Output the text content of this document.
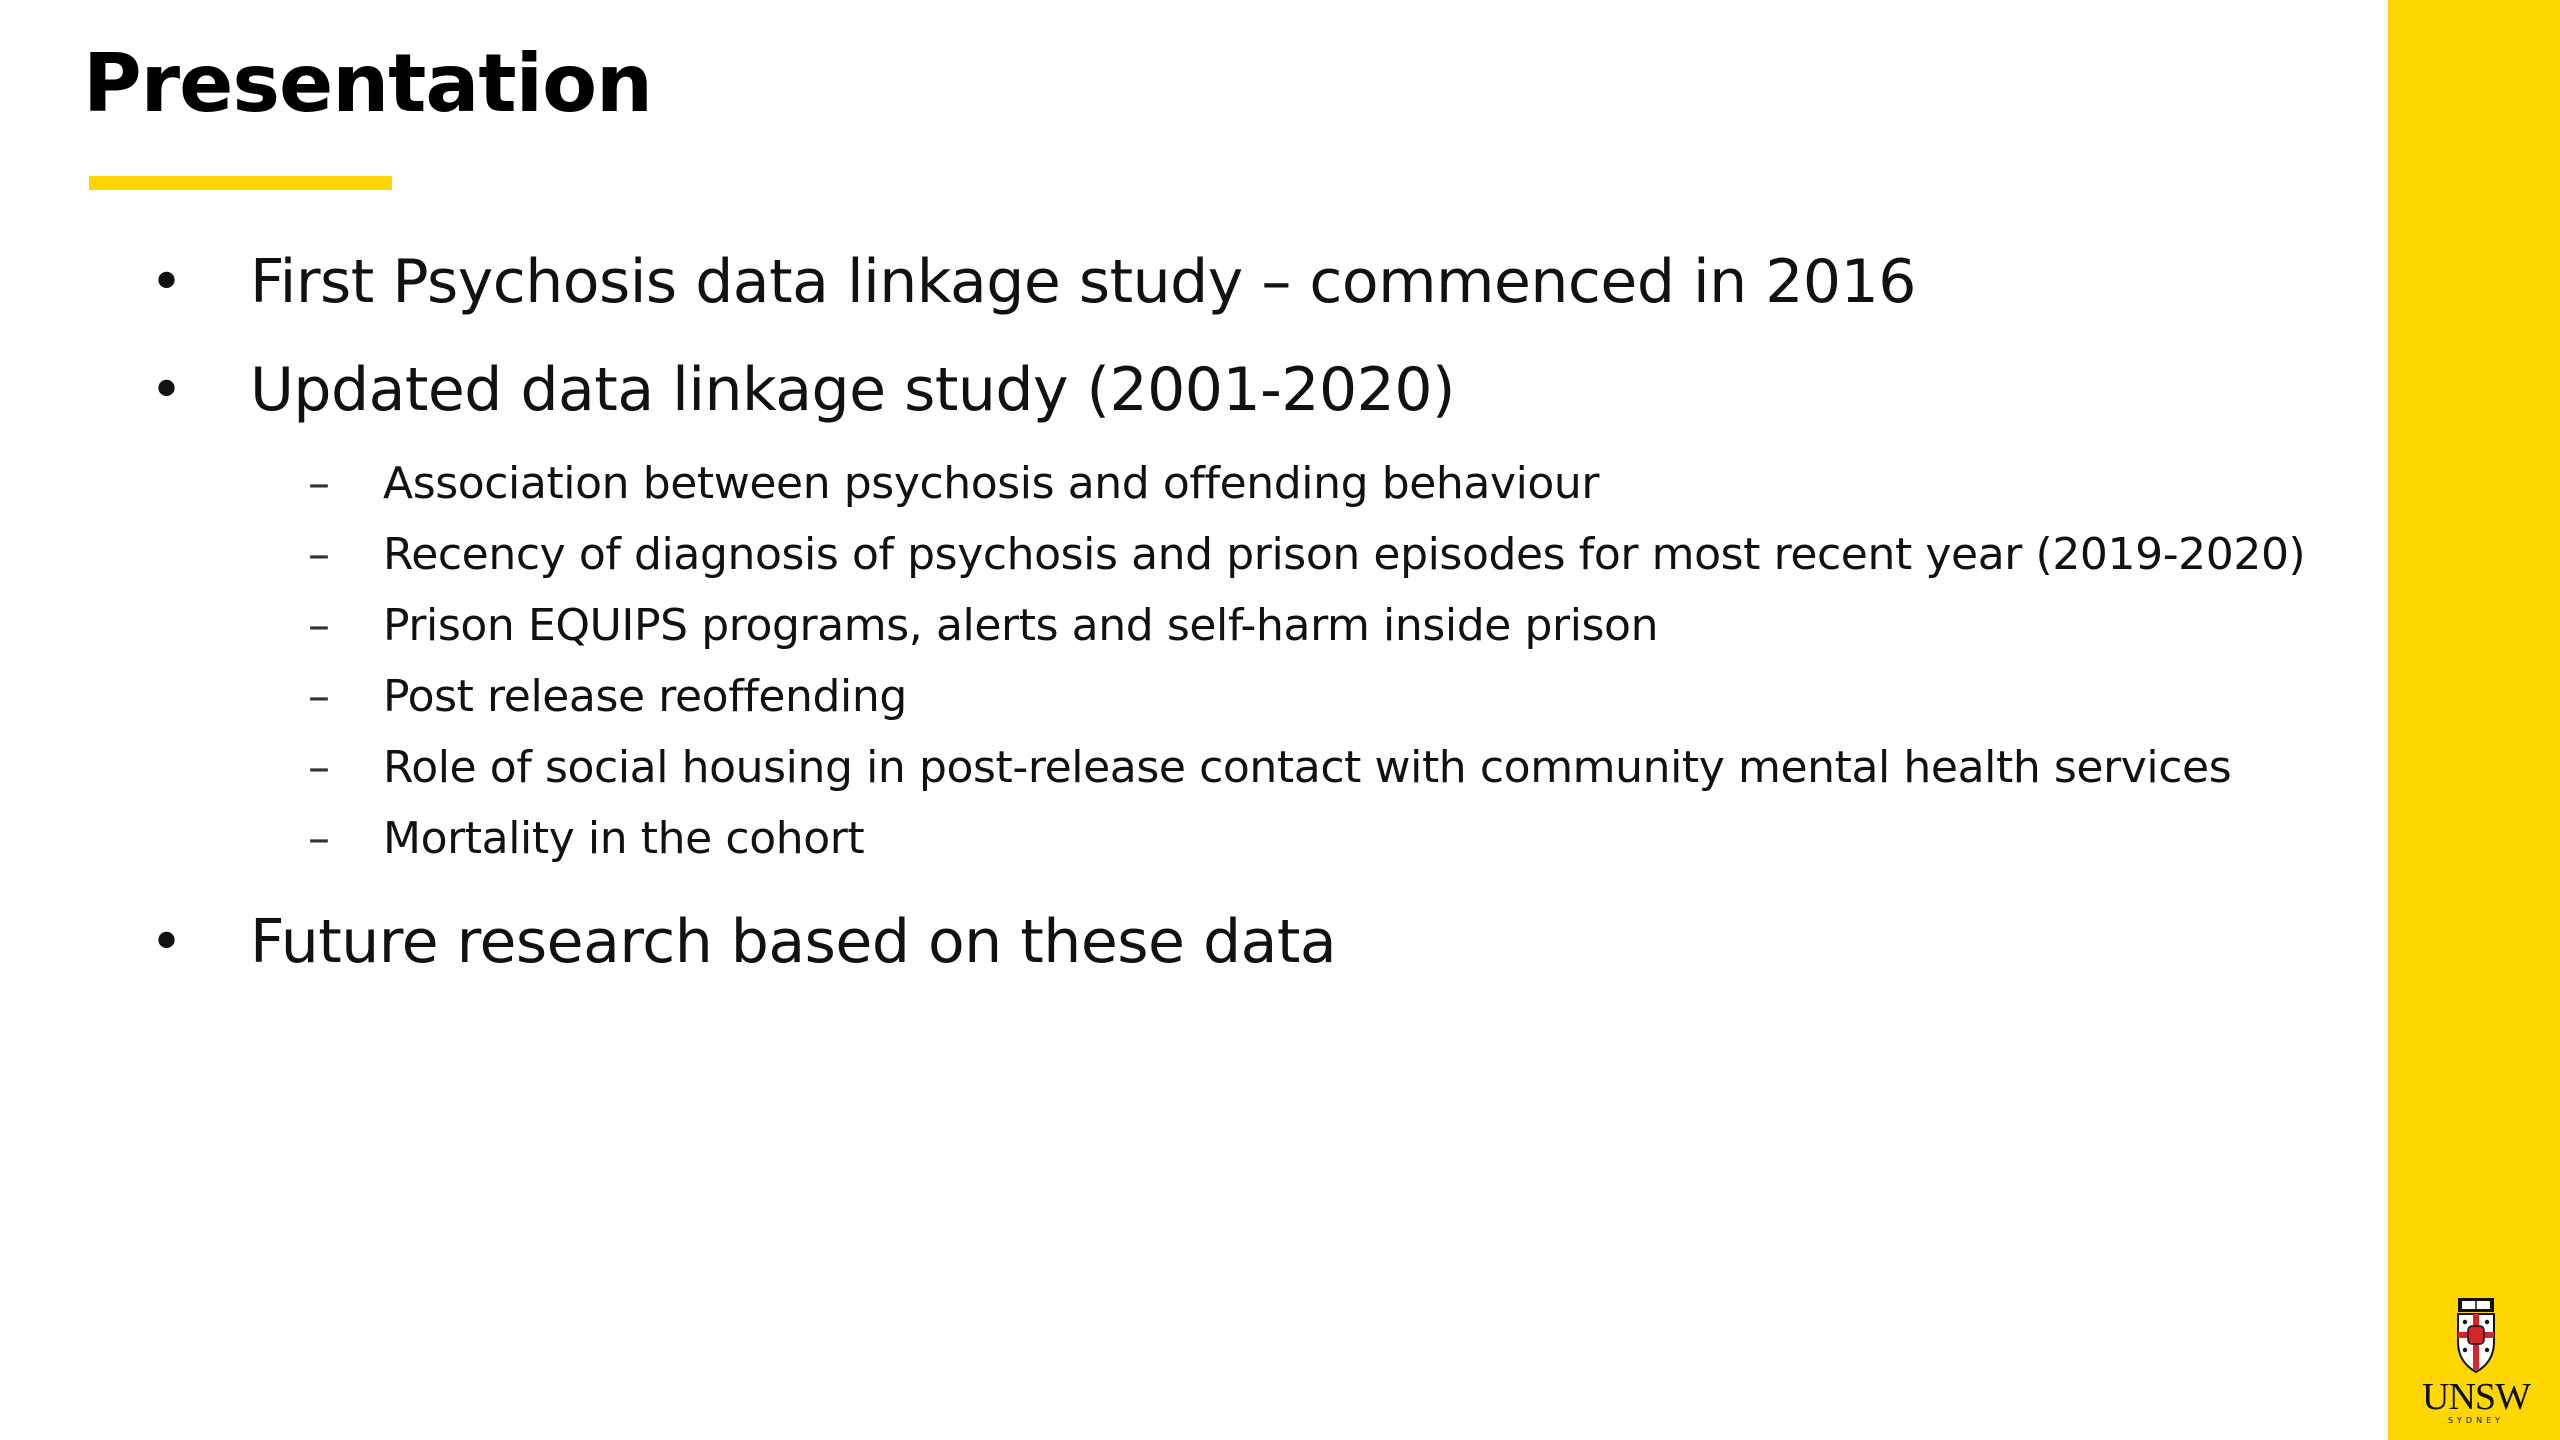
Presentation
•	First Psychosis data linkage study – commenced in 2016
•	Updated data linkage study (2001-2020)
–	Association between psychosis and offending behaviour
–	Recency of diagnosis of psychosis and prison episodes for most recent year (2019-2020)
–	Prison EQUIPS programs, alerts and self-harm inside prison
–	Post release reoffending
–	Role of social housing in post-release contact with community mental health services
–	Mortality in the cohort
•	Future research based on these data
UNSW
SYDNEY
